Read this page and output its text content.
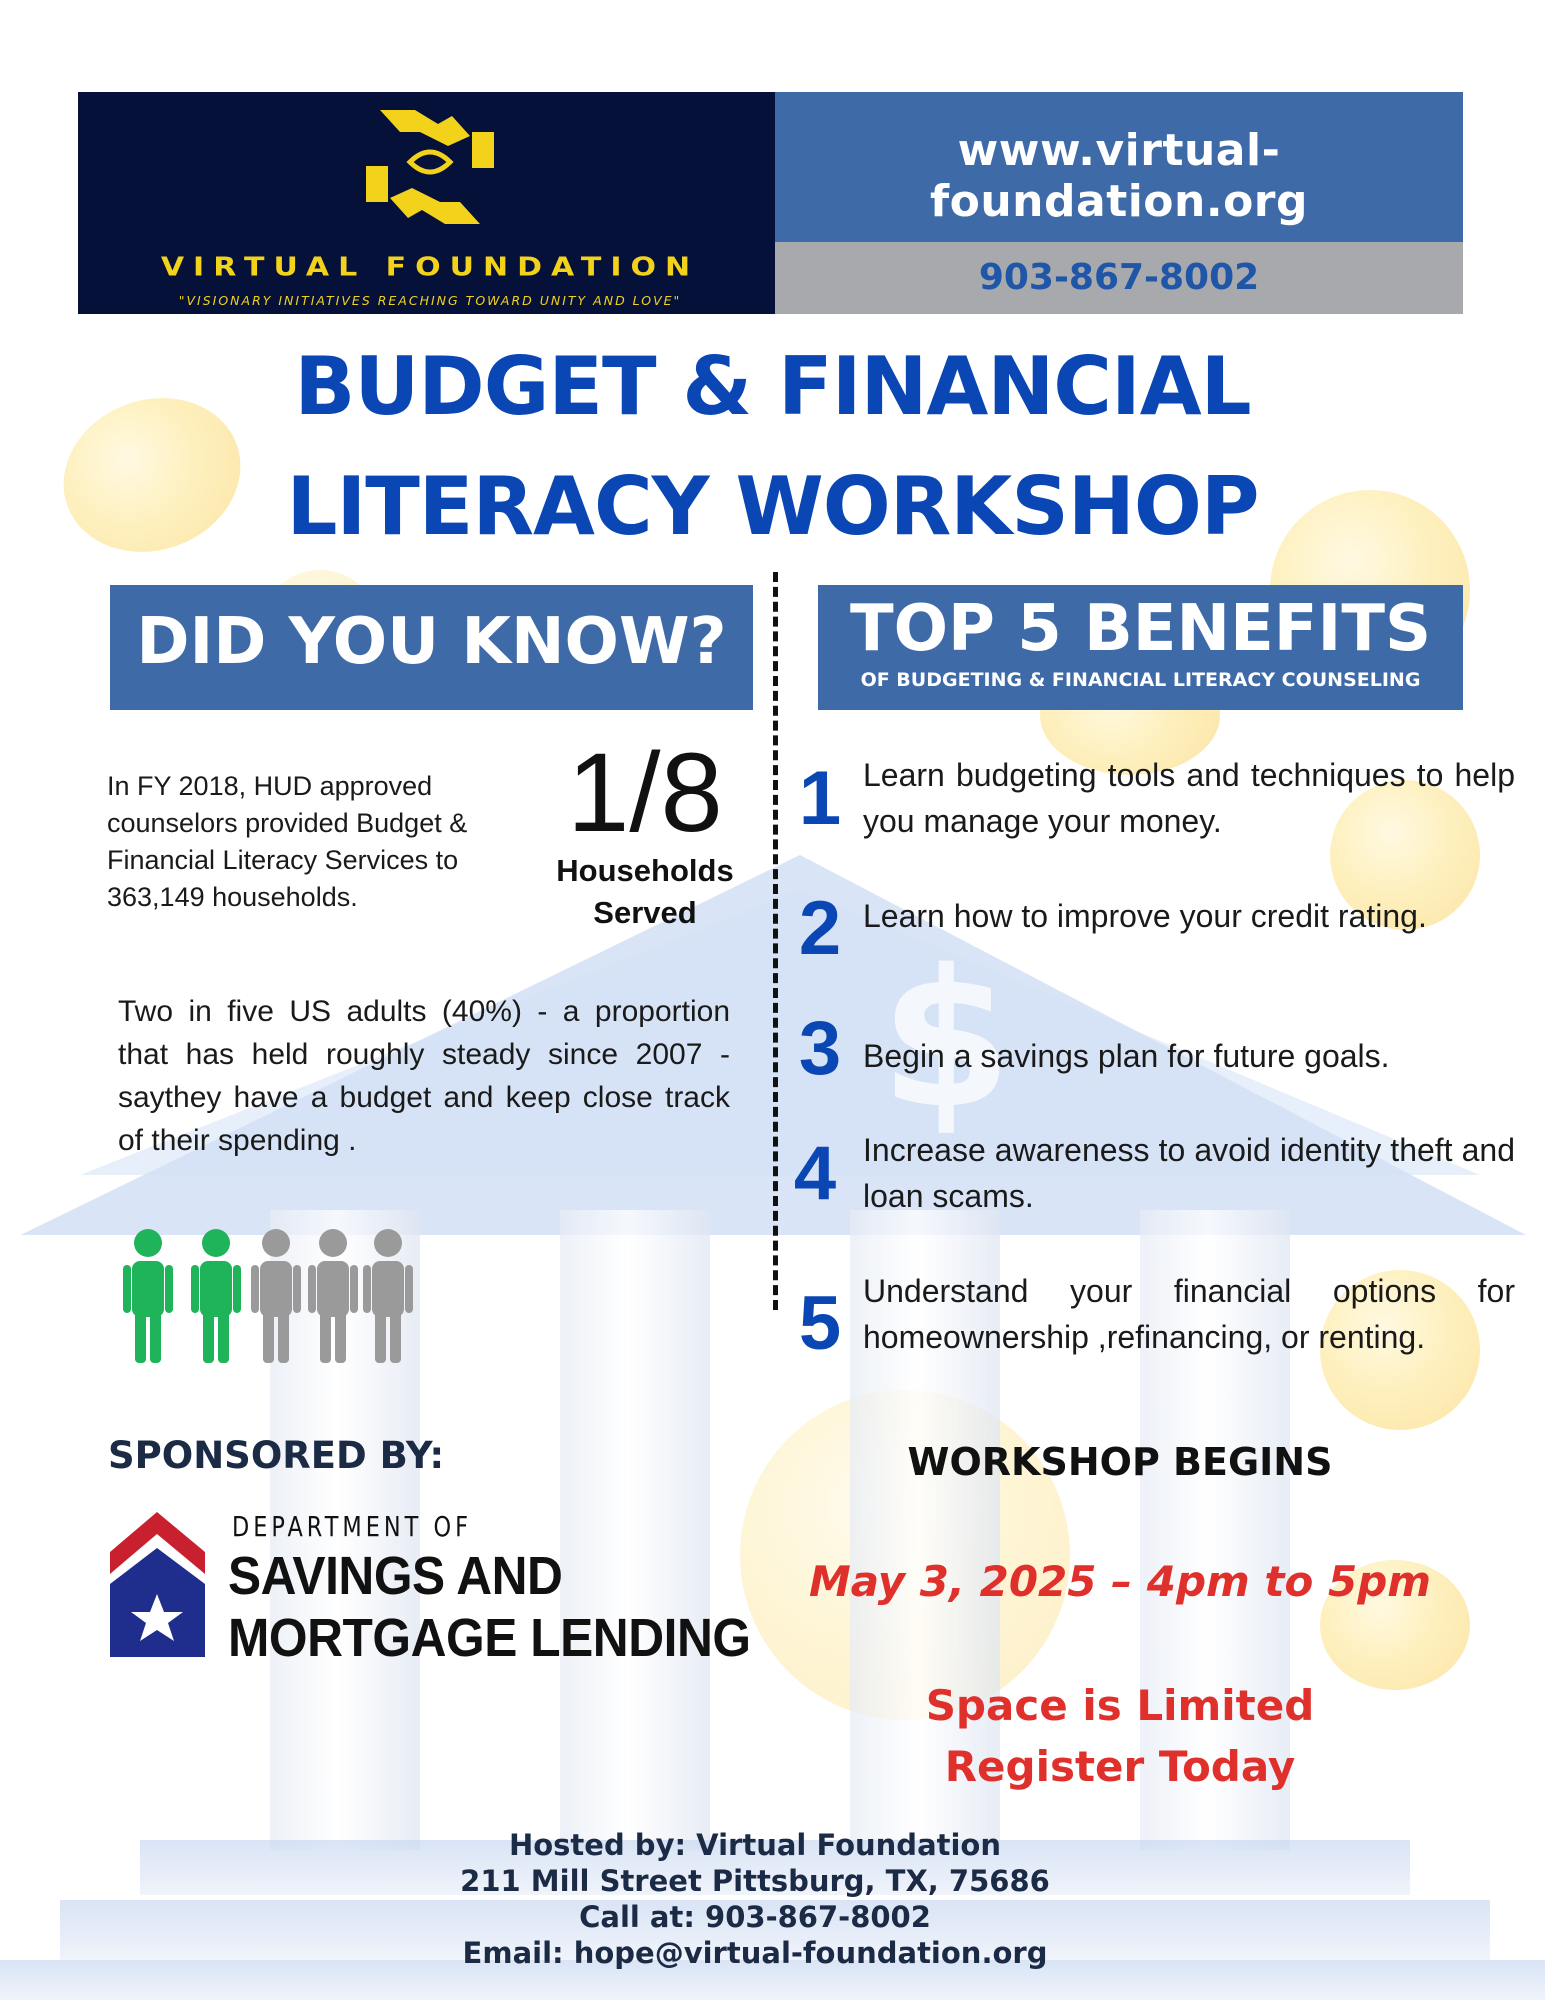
$
VIRTUAL FOUNDATION
"VISIONARY INITIATIVES REACHING TOWARD UNITY AND LOVE"
www.virtual-foundation.org
903-867-8002
BUDGET & FINANCIAL
LITERACY WORKSHOP
DID YOU KNOW?	TOP 5 BENEFITS
OF BUDGETING & FINANCIAL LITERACY COUNSELING
In FY 2018, HUD approved counselors provided Budget & Financial Literacy Services to 363,149 households.
1/8
Households
Served
Two in five US adults (40%) - a proportion that has held roughly steady since 2007 - saythey have a budget and keep close track of their spending .
1 Learn budgeting tools and techniques to help you manage your money.
2 Learn how to improve your credit rating.
3 Begin a savings plan for future goals.
4 Increase awareness to avoid identity theft and loan scams.
5 Understand your financial options for homeownership ,refinancing, or renting.
SPONSORED BY:
DEPARTMENT OF
SAVINGS AND
MORTGAGE LENDING
WORKSHOP BEGINS
May 3, 2025 – 4pm to 5pm
Space is Limited
Register Today
Hosted by: Virtual Foundation
211 Mill Street Pittsburg, TX, 75686
Call at: 903-867-8002
Email: hope@virtual-foundation.org
